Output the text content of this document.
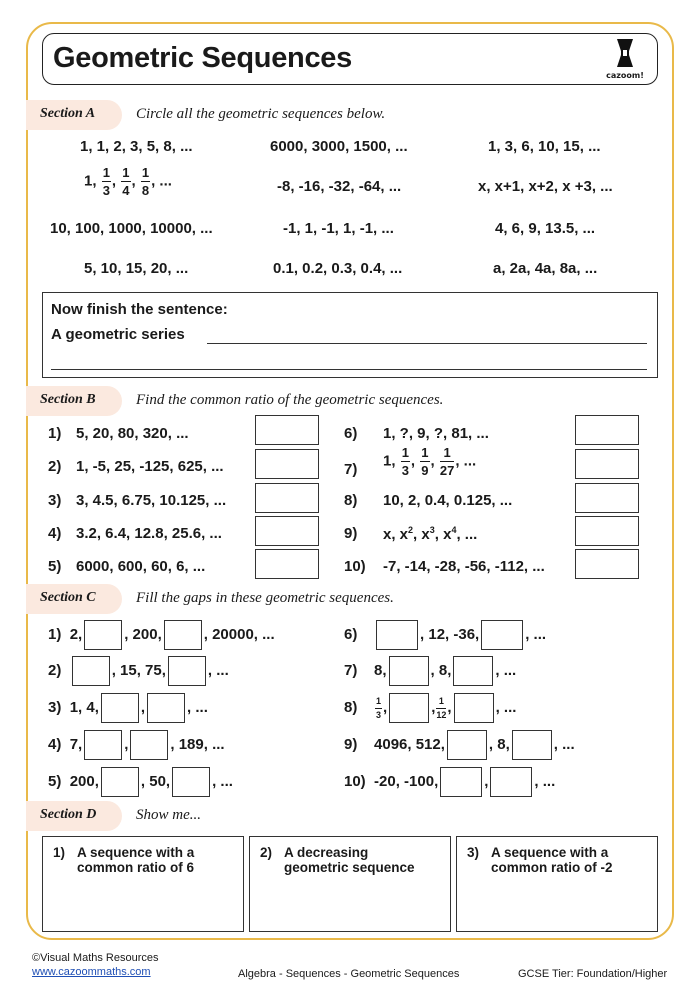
Geometric Sequences
cazoom!
Section A	Circle all the geometric sequences below.
1, 1, 2, 3, 5, 8, ...	6000, 3000, 1500, ...	1, 3, 6, 10, 15, ...
1, $\frac{1}{3}$ , $\frac{1}{4}$ , $\frac{1}{8}$ , ...	-8, -16, -32, -64, ...	x, x+1, x+2, x +3, ...
10, 100, 1000, 10000, ...	-1, 1, -1, 1, -1, ...	4, 6, 9, 13.5, ...
5, 10, 15, 20, ...	0.1, 0.2, 0.3, 0.4, ...	a, 2a, 4a, 8a, ...
Now finish the sentence:
A geometric series
Section B	Find the common ratio of the geometric sequences.
1) 5, 20, 80, 320, ...
2) 1, -5, 25, -125, 625, ...
3) 3, 4.5, 6.75, 10.125, ...
4) 3.2, 6.4, 12.8, 25.6, ...
5) 6000, 600, 60, 6, ...
6) 1, ?, 9, ?, 81, ...
7)
1, $\frac{1}{3}$ , $\frac{1}{9}$ , $\frac{1}{27}$ , ...
8) 10, 2, 0.4, 0.125, ...
9) x, $x^2$, $x^3$, $x^4$, ...
10) -7, -14, -28, -56, -112, ...
Section C	Fill the gaps in these geometric sequences.
1) 2,	, 200,	, 20000, ...
2)	, 15, 75,	, ...
3) 1, 4,	,	, ...
4) 7,	,	, 189, ...
5) 200,	, 50,	, ...
6)	, 12, -36,	, ...
7) 8,	, 8,	, ...
$8) \frac{1}{3}$ ,	, $\frac{1}{12}$ ,	, ...
9) 4096, 512,	, 8,	, ...
10) -20, -100,	,	, ...
Section D	Show me...
1) A sequence with a common ratio of 6
2) A decreasing geometric sequence
3) A sequence with a common ratio of -2
©Visual Maths Resources
www.cazoommaths.com	Algebra - Sequences - Geometric Sequences	GCSE Tier: Foundation/Higher
